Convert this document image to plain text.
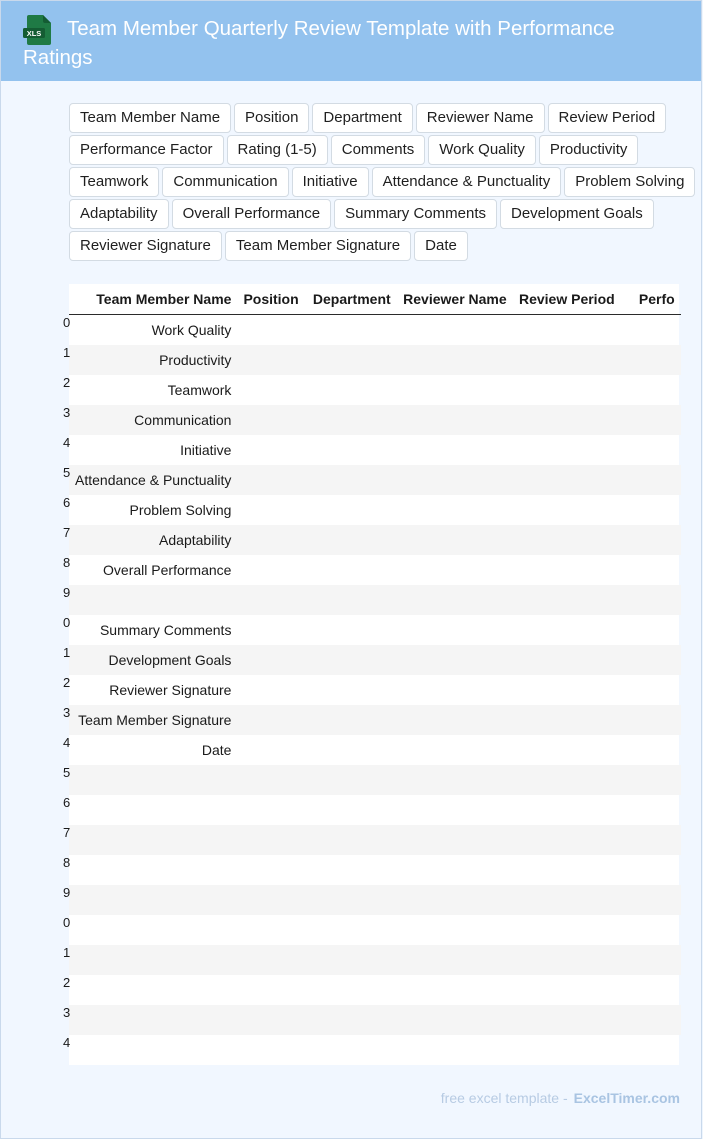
XLS	Team Member Quarterly Review Template with Performance Ratings
Team Member Name	Position	Department	Reviewer Name	Review Period
Performance Factor	Rating (1-5)	Comments	Work Quality	Productivity
Teamwork	Communication	Initiative	Attendance & Punctuality	Problem Solving
Adaptability	Overall Performance	Summary Comments	Development Goals
Reviewer Signature	Team Member Signature	Date
	Team Member Name	Position	Department	Reviewer Name	Review Period	Perfo

0	Work Quality					

1	Productivity					

2	Teamwork					

3	Communication					

4	Initiative					

5	Attendance & Punctuality					

6	Problem Solving					

7	Adaptability					

8	Overall Performance					

9					

0	Summary Comments					

1	Development Goals					

2	Reviewer Signature					

3	Team Member Signature					

4	Date					

5					

6					

7					

8					

9					

0					

1					

2					

3					

4					

free excel template - ExcelTimer.com
